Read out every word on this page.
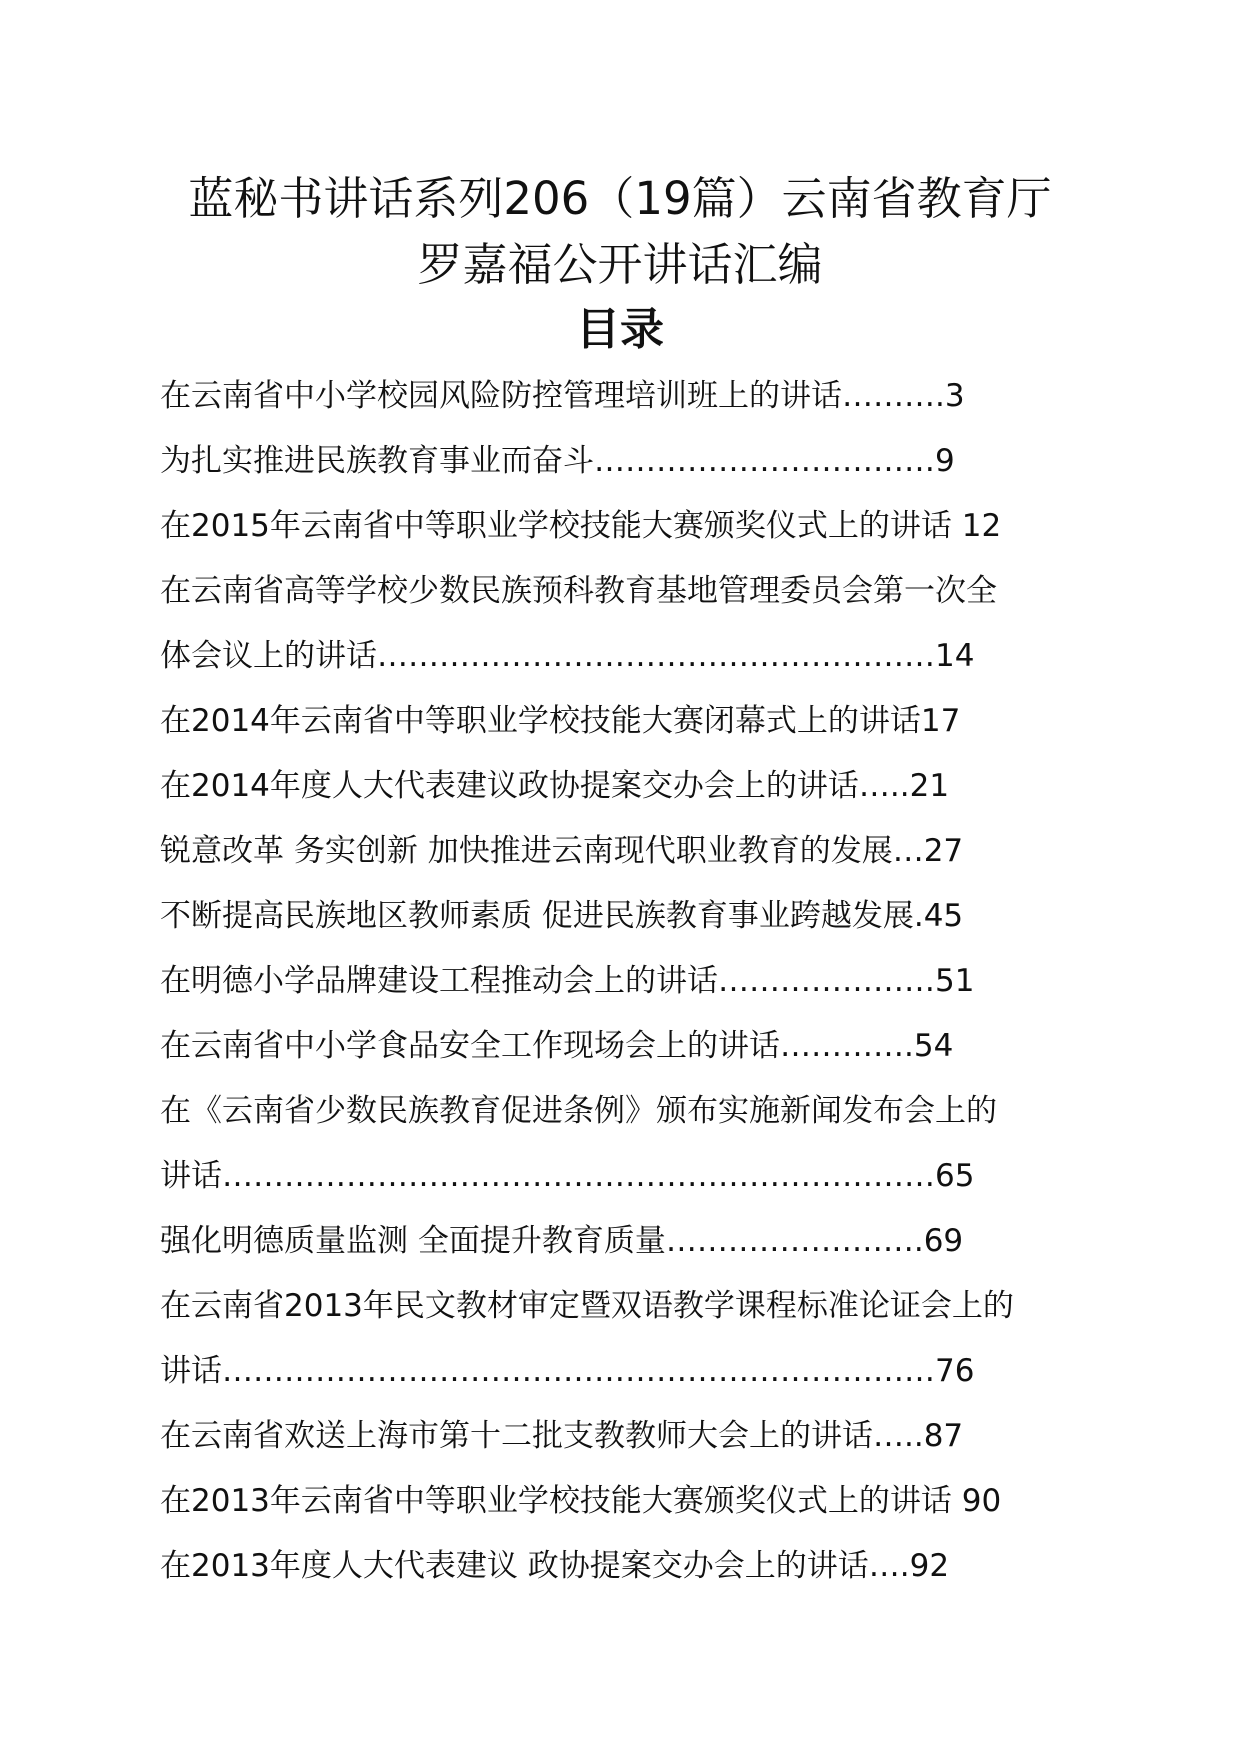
蓝秘书讲话系列206（19篇）云南省教育厅
罗嘉福公开讲话汇编
目录
在云南省中小学校园风险防控管理培训班上的讲话……….3
为扎实推进民族教育事业而奋斗……………………………9
在2015年云南省中等职业学校技能大赛颁奖仪式上的讲话 12
在云南省高等学校少数民族预科教育基地管理委员会第一次全
体会议上的讲话………………………………………………14
在2014年云南省中等职业学校技能大赛闭幕式上的讲话17
在2014年度人大代表建议政协提案交办会上的讲话…..21
锐意改革 务实创新 加快推进云南现代职业教育的发展…27
不断提高民族地区教师素质 促进民族教育事业跨越发展.45
在明德小学品牌建设工程推动会上的讲话…………………51
在云南省中小学食品安全工作现场会上的讲话………….54
在《云南省少数民族教育促进条例》颁布实施新闻发布会上的
讲话……………………………………………………………65
强化明德质量监测 全面提升教育质量…………………….69
在云南省2013年民文教材审定暨双语教学课程标准论证会上的
讲话……………………………………………………………76
在云南省欢送上海市第十二批支教教师大会上的讲话…..87
在2013年云南省中等职业学校技能大赛颁奖仪式上的讲话 90
在2013年度人大代表建议 政协提案交办会上的讲话….92
